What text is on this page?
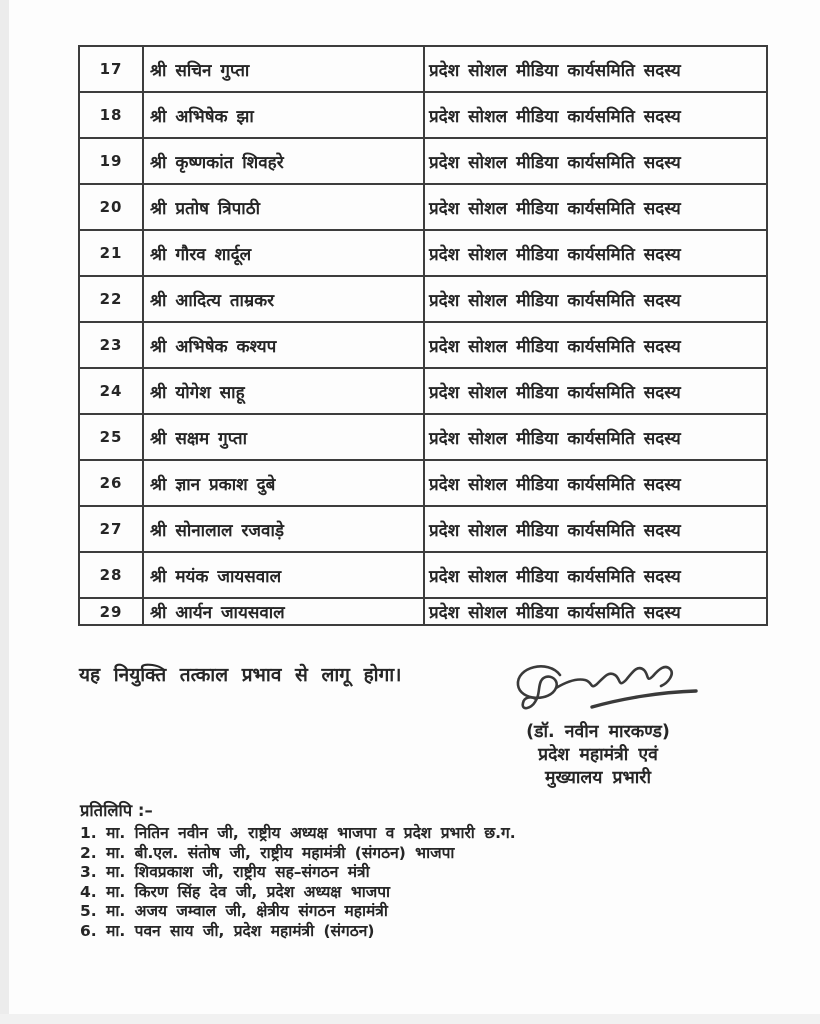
17	श्री सचिन गुप्ता	प्रदेश सोशल मीडिया कार्यसमिति सदस्य
18	श्री अभिषेक झा	प्रदेश सोशल मीडिया कार्यसमिति सदस्य
19	श्री कृष्णकांत शिवहरे	प्रदेश सोशल मीडिया कार्यसमिति सदस्य
20	श्री प्रतोष त्रिपाठी	प्रदेश सोशल मीडिया कार्यसमिति सदस्य
21	श्री गौरव शार्दूल	प्रदेश सोशल मीडिया कार्यसमिति सदस्य
22	श्री आदित्य ताम्रकर	प्रदेश सोशल मीडिया कार्यसमिति सदस्य
23	श्री अभिषेक कश्यप	प्रदेश सोशल मीडिया कार्यसमिति सदस्य
24	श्री योगेश साहू	प्रदेश सोशल मीडिया कार्यसमिति सदस्य
25	श्री सक्षम गुप्ता	प्रदेश सोशल मीडिया कार्यसमिति सदस्य
26	श्री ज्ञान प्रकाश दुबे	प्रदेश सोशल मीडिया कार्यसमिति सदस्य
27	श्री सोनालाल रजवाड़े	प्रदेश सोशल मीडिया कार्यसमिति सदस्य
28	श्री मयंक जायसवाल	प्रदेश सोशल मीडिया कार्यसमिति सदस्य
29	श्री आर्यन जायसवाल	प्रदेश सोशल मीडिया कार्यसमिति सदस्य

यह नियुक्ति तत्काल प्रभाव से लागू होगा।

(डॉ. नवीन मारकण्ड)
प्रदेश महामंत्री एवं
मुख्यालय प्रभारी
प्रतिलिपि :–
1. मा. नितिन नवीन जी, राष्ट्रीय अध्यक्ष भाजपा व प्रदेश प्रभारी छ.ग.
2. मा. बी.एल. संतोष जी, राष्ट्रीय महामंत्री (संगठन) भाजपा
3. मा. शिवप्रकाश जी, राष्ट्रीय सह–संगठन मंत्री
4. मा. किरण सिंह देव जी, प्रदेश अध्यक्ष भाजपा
5. मा. अजय जम्वाल जी, क्षेत्रीय संगठन महामंत्री
6. मा. पवन साय जी, प्रदेश महामंत्री (संगठन)
